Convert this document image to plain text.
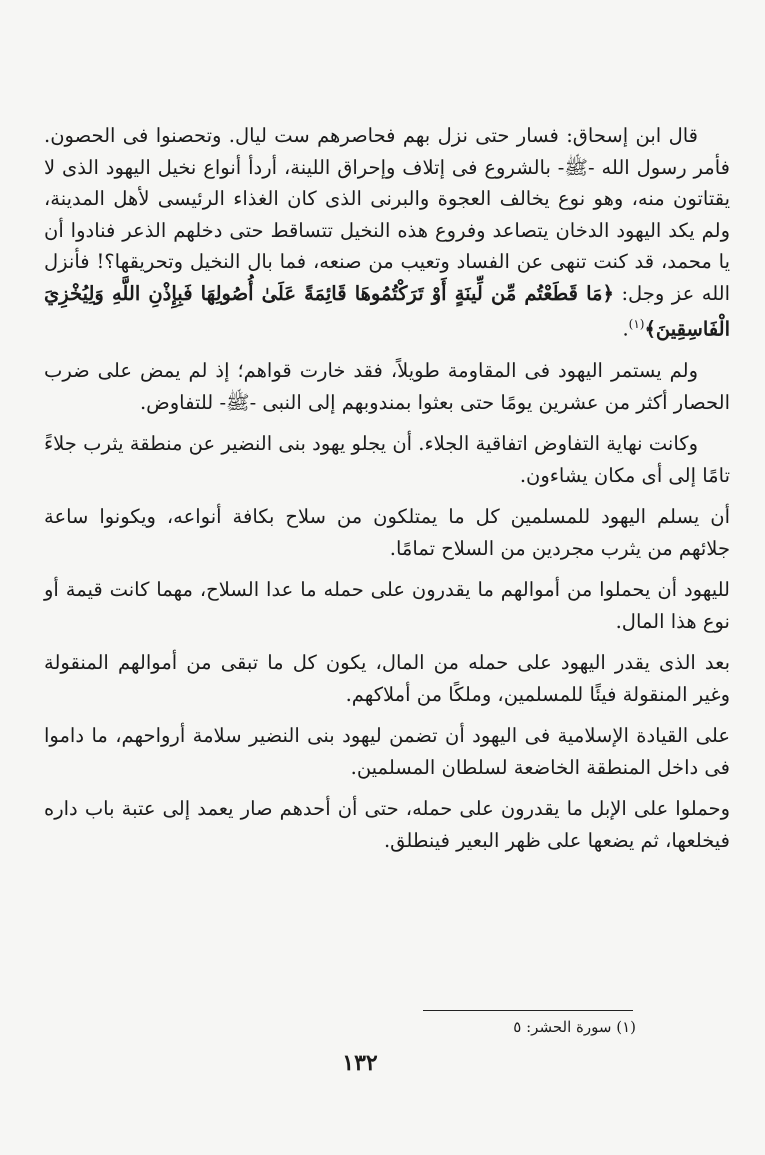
قال ابن إسحاق: فسار حتى نزل بهم فحاصرهم ست ليال. وتحصنوا فى الحصون. فأمر رسول الله -ﷺ- بالشروع فى إتلاف وإحراق اللينة، أردأ أنواع نخيل اليهود الذى لا يقتاتون منه، وهو نوع يخالف العجوة والبرنى الذى كان الغذاء الرئيسى لأهل المدينة، ولم يكد اليهود الدخان يتصاعد وفروع هذه النخيل تتساقط حتى دخلهم الذعر فنادوا أن يا محمد، قد كنت تنهى عن الفساد وتعيب من صنعه، فما بال النخيل وتحريقها؟! فأنزل الله عز وجل: ﴿مَا قَطَعْتُم مِّن لِّينَةٍ أَوْ تَرَكْتُمُوهَا قَائِمَةً عَلَىٰ أُصُولِهَا فَبِإِذْنِ اللَّهِ وَلِيُخْزِيَ الْفَاسِقِينَ﴾$^{(١)}$.

ولم يستمر اليهود فى المقاومة طويلاً، فقد خارت قواهم؛ إذ لم يمض على ضرب الحصار أكثر من عشرين يومًا حتى بعثوا بمندوبهم إلى النبى -ﷺ- للتفاوض.

وكانت نهاية التفاوض اتفاقية الجلاء. أن يجلو يهود بنى النضير عن منطقة يثرب جلاءً تامًا إلى أى مكان يشاءون.

أن يسلم اليهود للمسلمين كل ما يمتلكون من سلاح بكافة أنواعه، ويكونوا ساعة جلائهم من يثرب مجردين من السلاح تمامًا.

لليهود أن يحملوا من أموالهم ما يقدرون على حمله ما عدا السلاح، مهما كانت قيمة أو نوع هذا المال.

بعد الذى يقدر اليهود على حمله من المال، يكون كل ما تبقى من أموالهم المنقولة وغير المنقولة فيئًا للمسلمين، وملكًا من أملاكهم.

على القيادة الإسلامية فى اليهود أن تضمن ليهود بنى النضير سلامة أرواحهم، ما داموا فى داخل المنطقة الخاضعة لسلطان المسلمين.

وحملوا على الإبل ما يقدرون على حمله، حتى أن أحدهم صار يعمد إلى عتبة باب داره فيخلعها، ثم يضعها على ظهر البعير فينطلق.

(١) سورة الحشر: ٥
١٣٢
